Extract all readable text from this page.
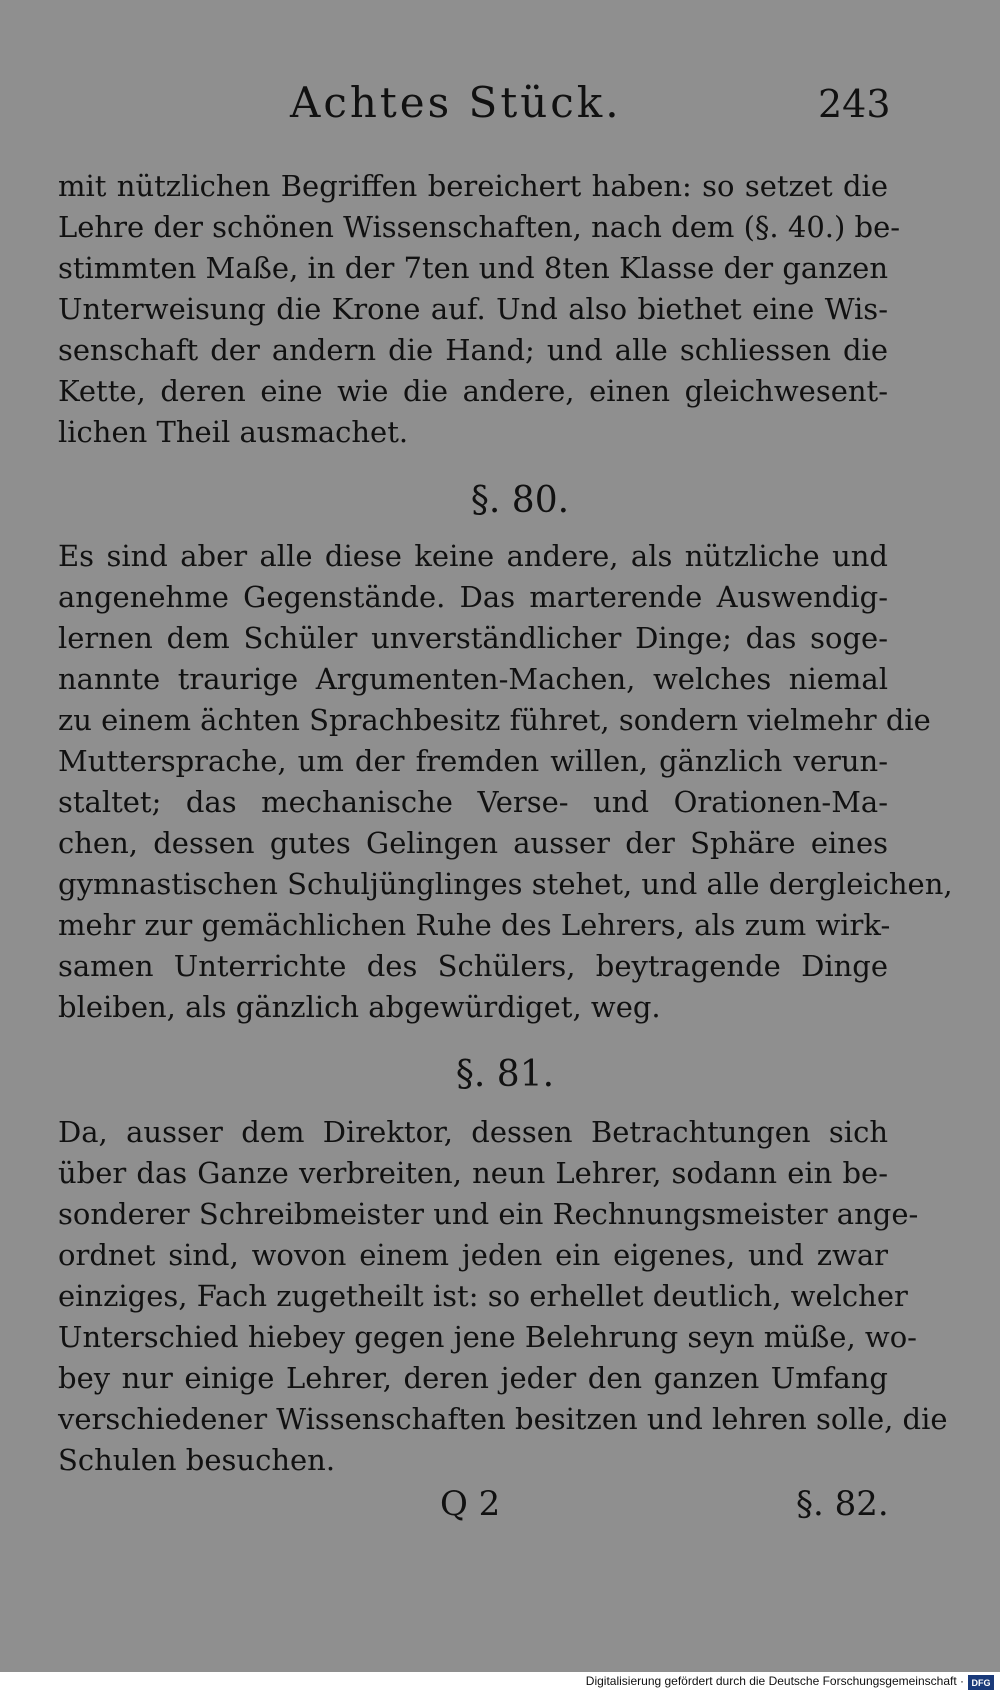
Achtes Stück.	243
mit nützlichen Begriffen bereichert haben: so setzet die
Lehre der schönen Wissenschaften, nach dem (§. 40.) be-
stimmten Maße, in der 7ten und 8ten Klasse der ganzen
Unterweisung die Krone auf. Und also biethet eine Wis-
senschaft der andern die Hand; und alle schliessen die
Kette, deren eine wie die andere, einen gleichwesent-
lichen Theil ausmachet.
§. 80.
Es sind aber alle diese keine andere, als nützliche und
angenehme Gegenstände. Das marterende Auswendig-
lernen dem Schüler unverständlicher Dinge; das soge-
nannte traurige Argumenten-Machen, welches niemal
zu einem ächten Sprachbesitz führet, sondern vielmehr die
Muttersprache, um der fremden willen, gänzlich verun-
staltet; das mechanische Verse- und Orationen-Ma-
chen, dessen gutes Gelingen ausser der Sphäre eines
gymnastischen Schuljünglinges stehet, und alle dergleichen,
mehr zur gemächlichen Ruhe des Lehrers, als zum wirk-
samen Unterrichte des Schülers, beytragende Dinge
bleiben, als gänzlich abgewürdiget, weg.
§. 81.
Da, ausser dem Direktor, dessen Betrachtungen sich
über das Ganze verbreiten, neun Lehrer, sodann ein be-
sonderer Schreibmeister und ein Rechnungsmeister ange-
ordnet sind, wovon einem jeden ein eigenes, und zwar
einziges, Fach zugetheilt ist: so erhellet deutlich, welcher
Unterschied hiebey gegen jene Belehrung seyn müße, wo-
bey nur einige Lehrer, deren jeder den ganzen Umfang
verschiedener Wissenschaften besitzen und lehren solle, die
Schulen besuchen.
Q 2	§. 82.
Digitalisierung gefördert durch die Deutsche Forschungsgemeinschaft · DFG
